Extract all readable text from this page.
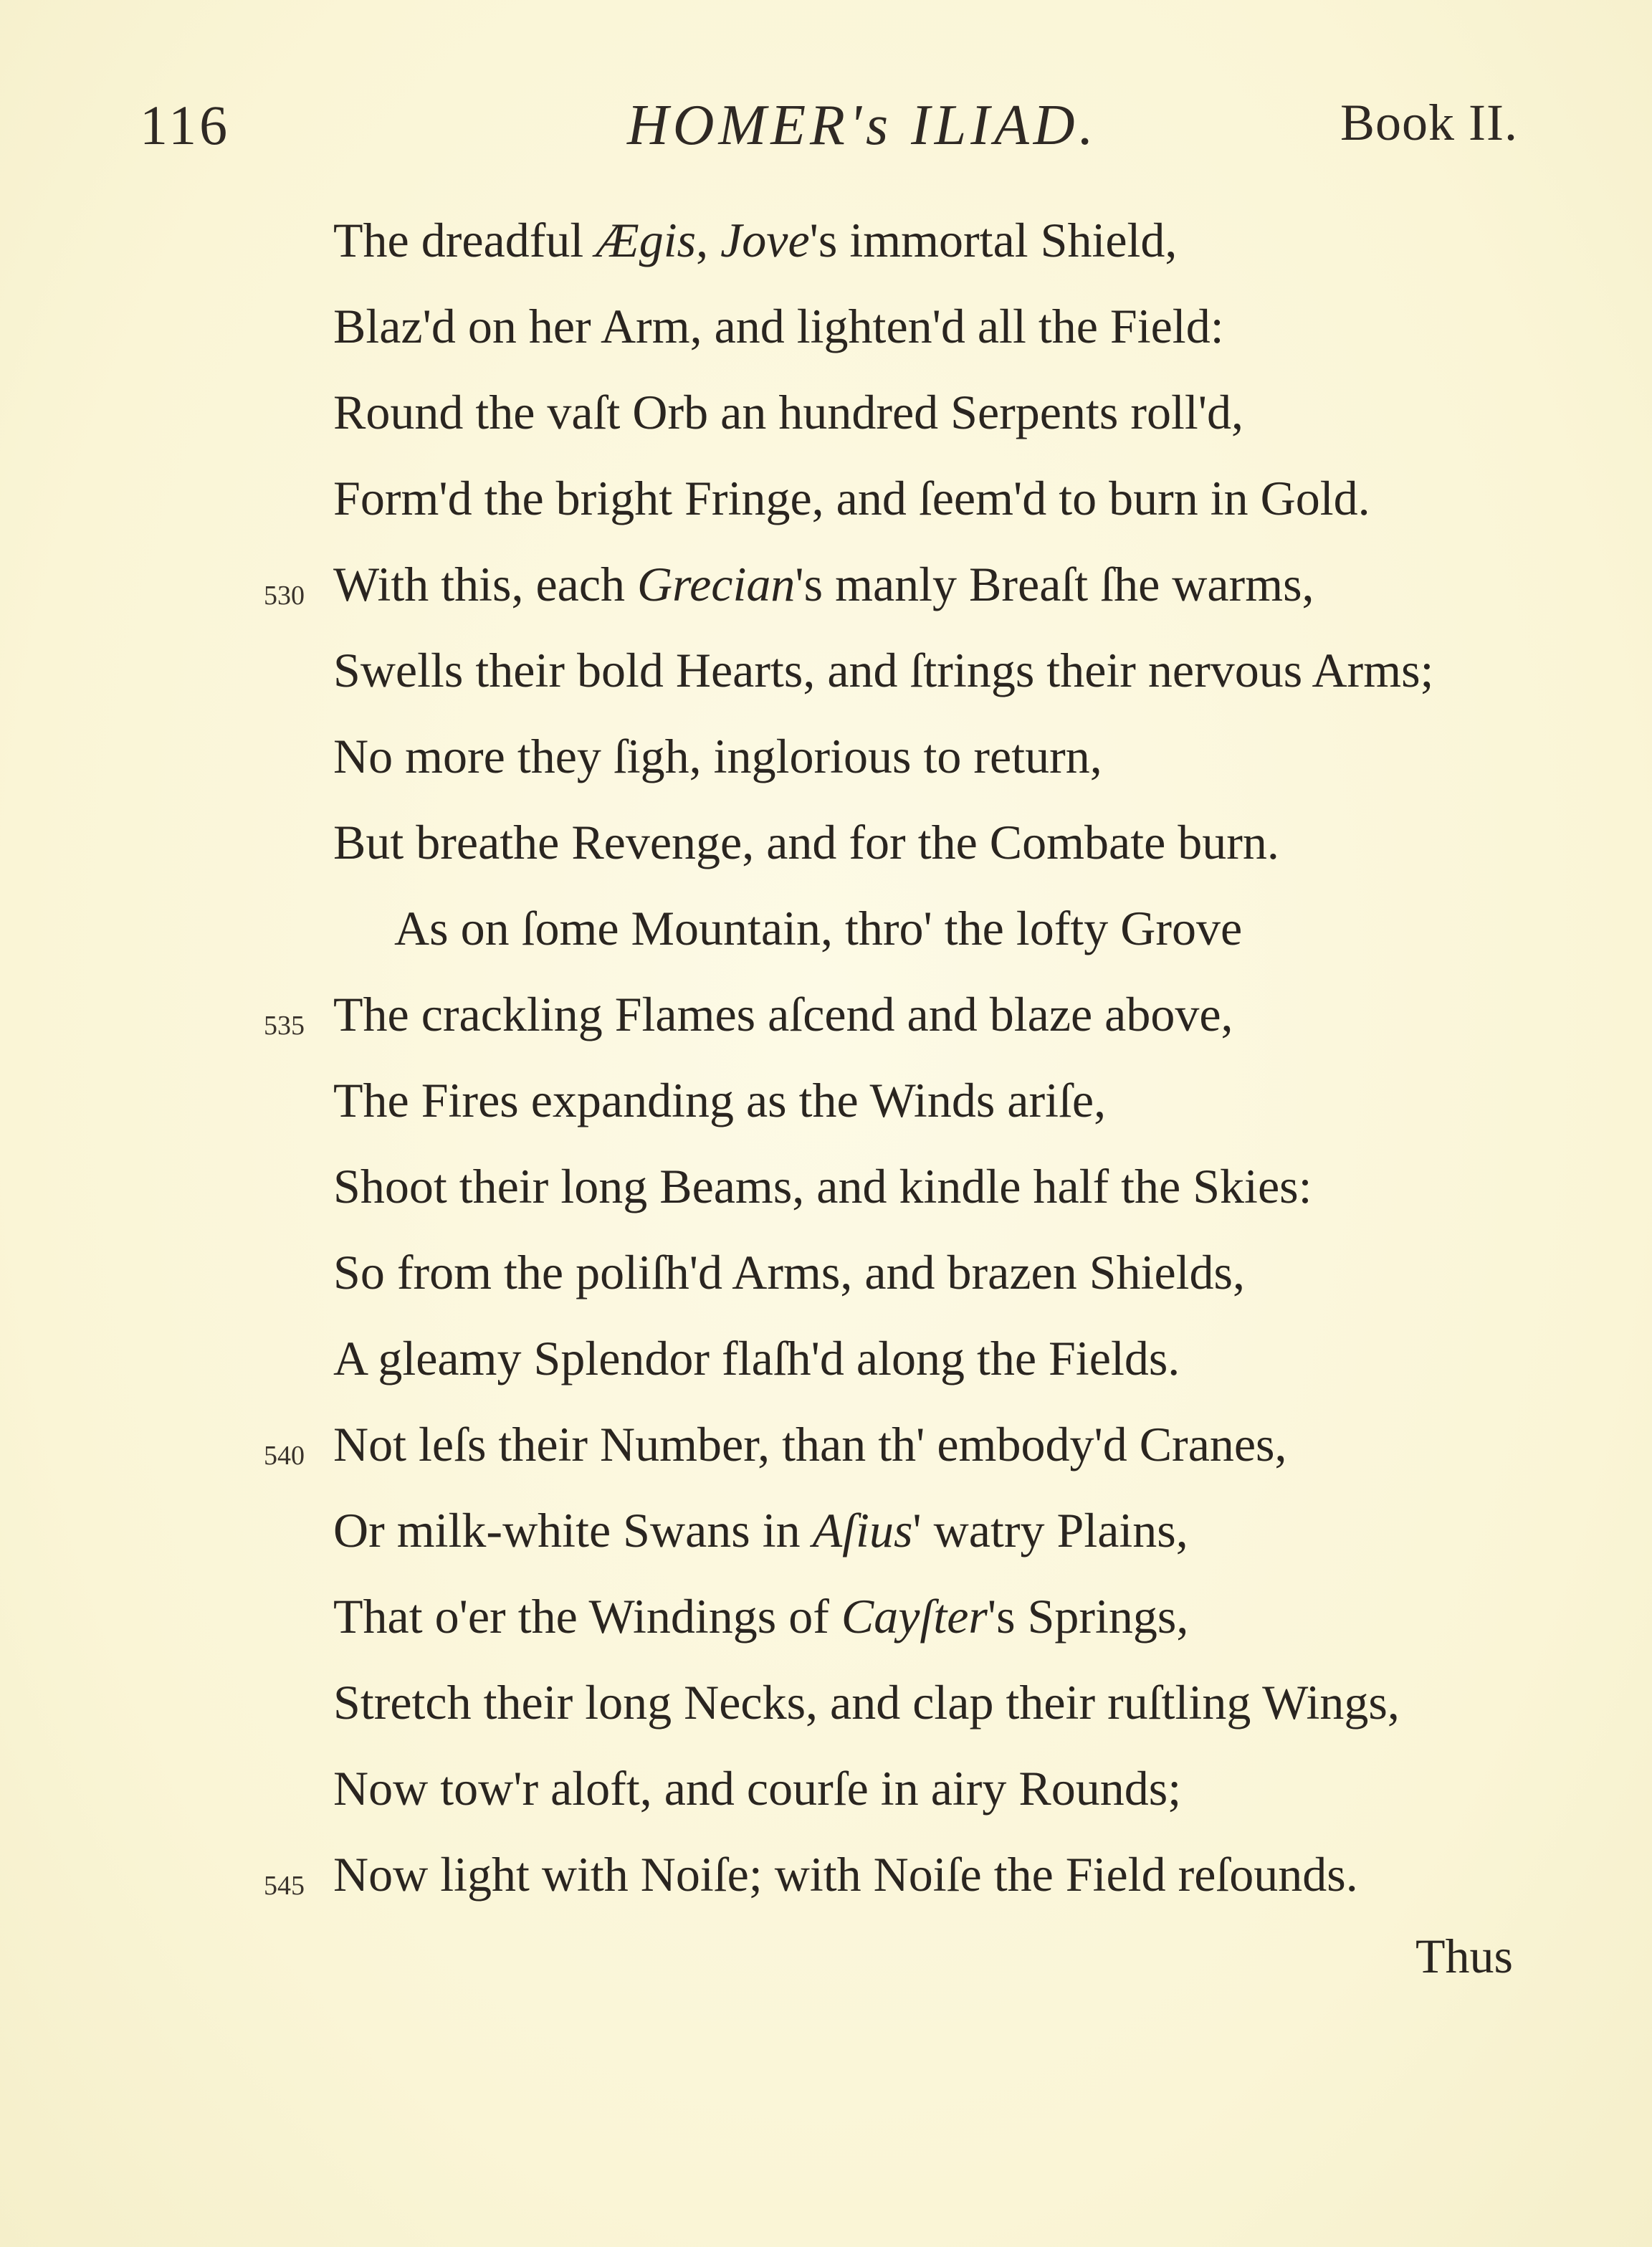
116	HOMER's ILIAD.	Book II.
The dreadful Ægis, Jove's immortal Shield,
Blaz'd on her Arm, and lighten'd all the Field:
Round the vaſt Orb an hundred Serpents roll'd,
Form'd the bright Fringe, and ſeem'd to burn in Gold.
530 With this, each Grecian's manly Breaſt ſhe warms,
Swells their bold Hearts, and ſtrings their nervous Arms;
No more they ſigh, inglorious to return,
But breathe Revenge, and for the Combate burn.
As on ſome Mountain, thro' the lofty Grove
535 The crackling Flames aſcend and blaze above,
The Fires expanding as the Winds ariſe,
Shoot their long Beams, and kindle half the Skies:
So from the poliſh'd Arms, and brazen Shields,
A gleamy Splendor flaſh'd along the Fields.
540 Not leſs their Number, than th' embody'd Cranes,
Or milk-white Swans in Aſius' watry Plains,
That o'er the Windings of Cayſter's Springs,
Stretch their long Necks, and clap their ruſtling Wings,
Now tow'r aloft, and courſe in airy Rounds;
545 Now light with Noiſe; with Noiſe the Field reſounds.
Thus
